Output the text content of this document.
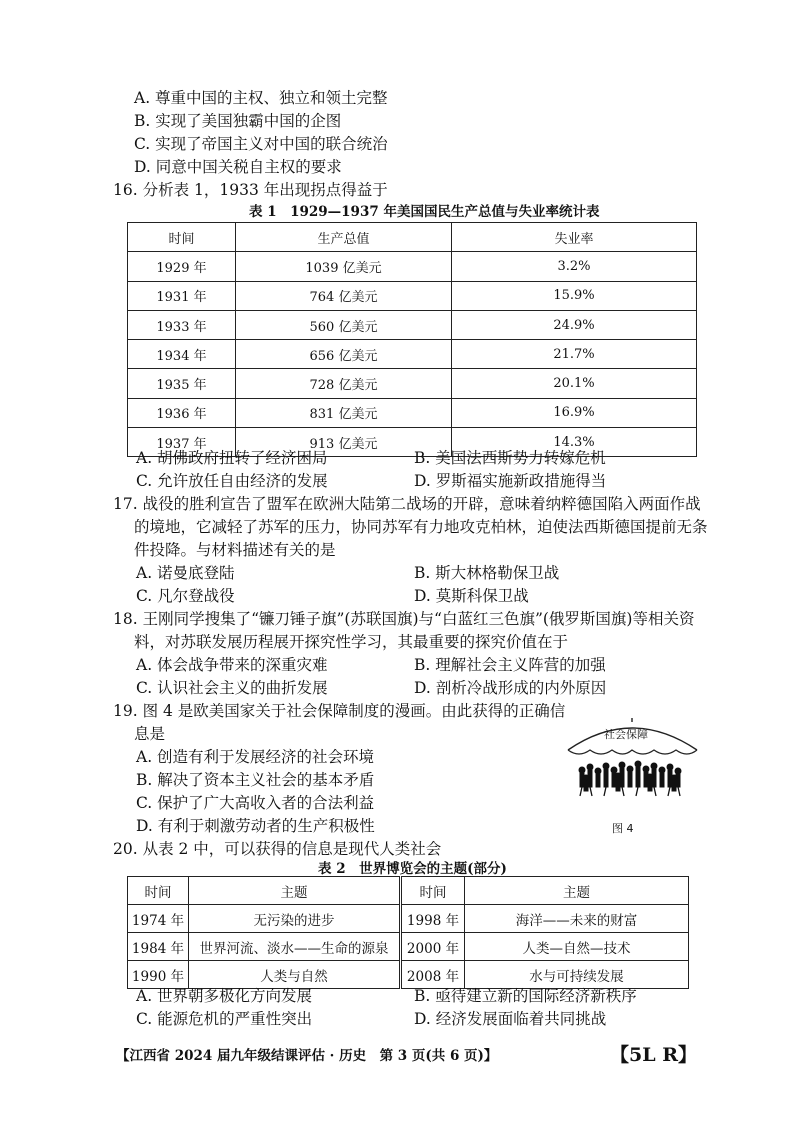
A. 尊重中国的主权、独立和领土完整
B. 实现了美国独霸中国的企图
C. 实现了帝国主义对中国的联合统治
D. 同意中国关税自主权的要求
16. 分析表 1，1933 年出现拐点得益于
表 1　1929—1937 年美国国民生产总值与失业率统计表
时间	生产总值	失业率
1929 年	1039 亿美元	3.2%
1931 年	764 亿美元	15.9%
1933 年	560 亿美元	24.9%
1934 年	656 亿美元	21.7%
1935 年	728 亿美元	20.1%
1936 年	831 亿美元	16.9%
1937 年	913 亿美元	14.3%
A. 胡佛政府扭转了经济困局	B. 美国法西斯势力转嫁危机
C. 允许放任自由经济的发展	D. 罗斯福实施新政措施得当
17. 战役的胜利宣告了盟军在欧洲大陆第二战场的开辟，意味着纳粹德国陷入两面作战
的境地，它减轻了苏军的压力，协同苏军有力地攻克柏林，迫使法西斯德国提前无条
件投降。与材料描述有关的是
A. 诺曼底登陆	B. 斯大林格勒保卫战
C. 凡尔登战役	D. 莫斯科保卫战
18. 王刚同学搜集了“镰刀锤子旗”(苏联国旗)与“白蓝红三色旗”(俄罗斯国旗)等相关资
料，对苏联发展历程展开探究性学习，其最重要的探究价值在于
A. 体会战争带来的深重灾难	B. 理解社会主义阵营的加强
C. 认识社会主义的曲折发展	D. 剖析冷战形成的内外原因
19. 图 4 是欧美国家关于社会保障制度的漫画。由此获得的正确信
息是
A. 创造有利于发展经济的社会环境
B. 解决了资本主义社会的基本矛盾
C. 保护了广大高收入者的合法利益
D. 有利于刺激劳动者的生产积极性
社会保障
图 4
20. 从表 2 中，可以获得的信息是现代人类社会
表 2　世界博览会的主题(部分)
时间	主题	时间	主题
1974 年	无污染的进步	1998 年	海洋——未来的财富
1984 年	世界河流、淡水——生命的源泉	2000 年	人类—自然—技术
1990 年	人类与自然	2008 年	水与可持续发展
A. 世界朝多极化方向发展	B. 亟待建立新的国际经济新秩序
C. 能源危机的严重性突出	D. 经济发展面临着共同挑战
【江西省 2024 届九年级结课评估 · 历史　第 3 页(共 6 页)】	【5L R】
